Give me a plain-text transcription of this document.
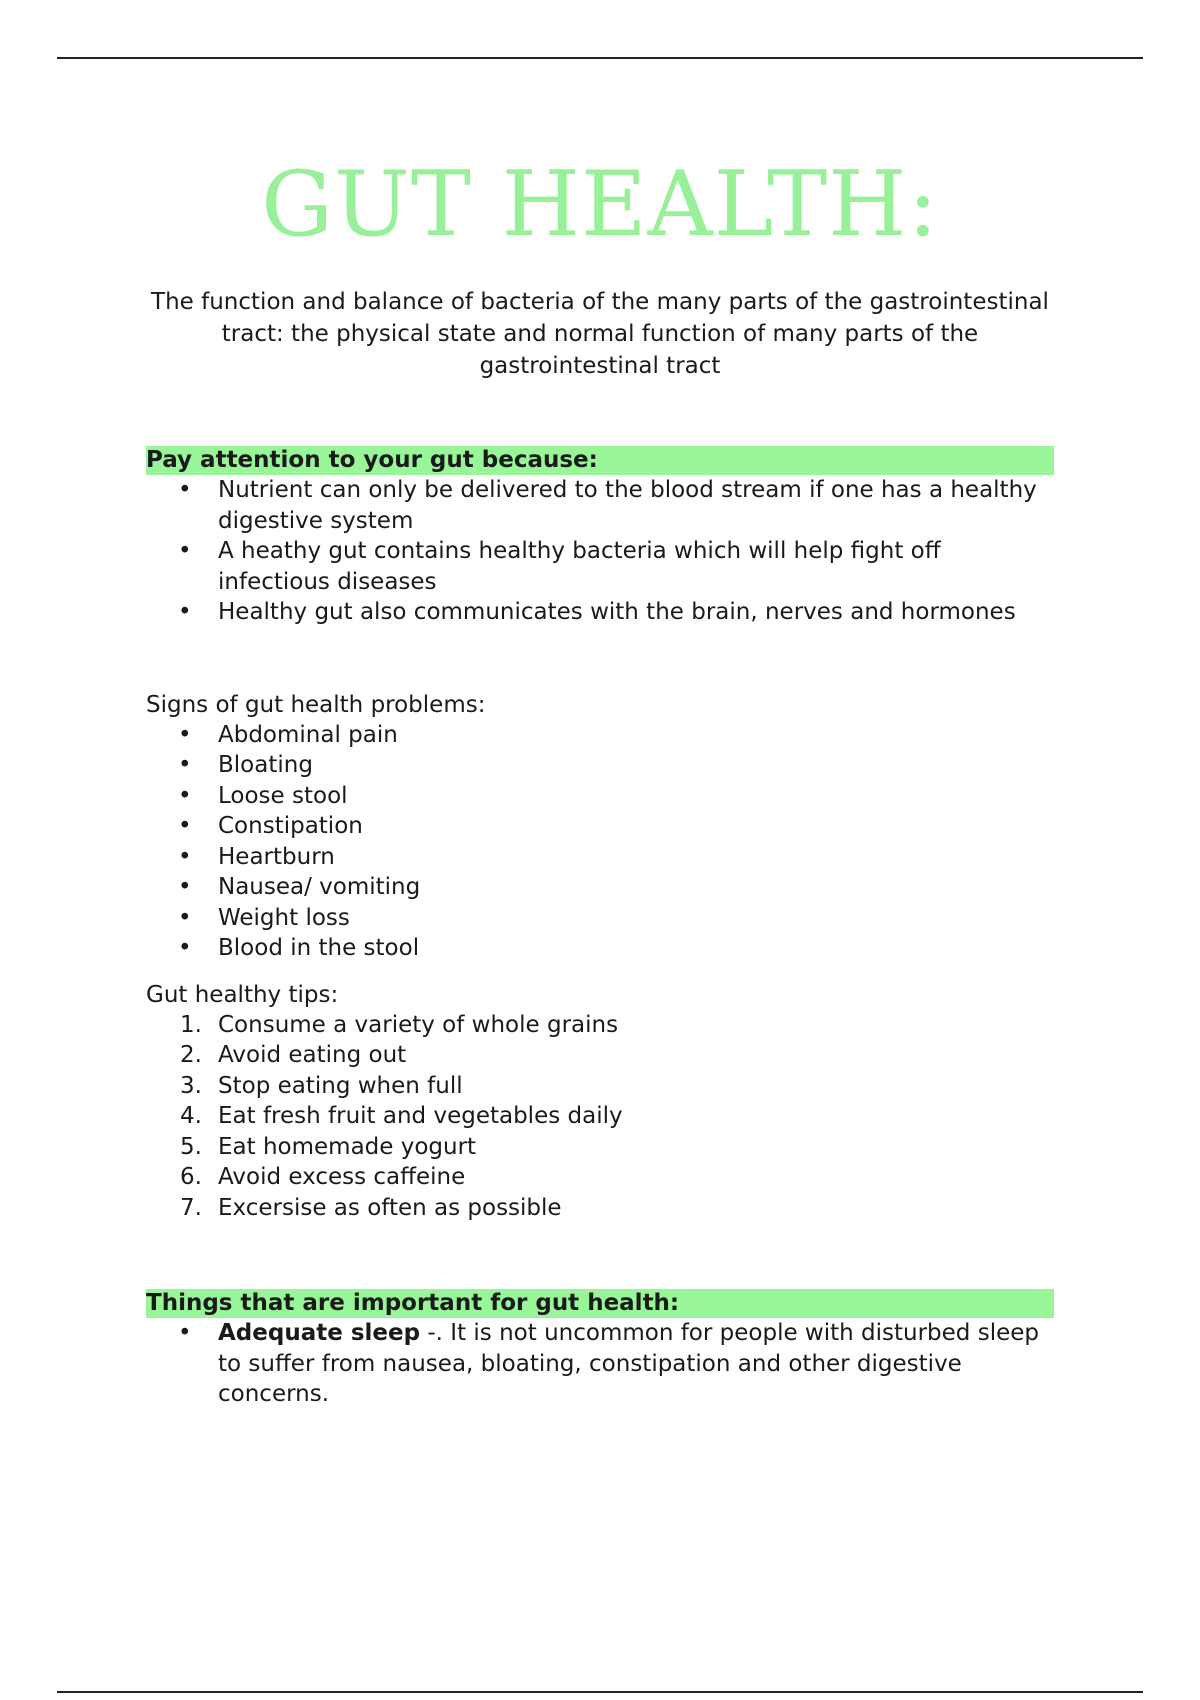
GUT HEALTH:

The function and balance of bacteria of the many parts of the gastrointestinal tract: the physical state and normal function of many parts of the gastrointestinal tract

Pay attention to your gut because:
• Nutrient can only be delivered to the blood stream if one has a healthy digestive system
• A heathy gut contains healthy bacteria which will help fight off infectious diseases
• Healthy gut also communicates with the brain, nerves and hormones

Signs of gut health problems:

• Abdominal pain
• Bloating
• Loose stool
• Constipation
• Heartburn
• Nausea/ vomiting
• Weight loss
• Blood in the stool

Gut healthy tips:

1. Consume a variety of whole grains
2. Avoid eating out
3. Stop eating when full
4. Eat fresh fruit and vegetables daily
5. Eat homemade yogurt
6. Avoid excess caffeine
7. Excersise as often as possible
Things that are important for gut health:
• Adequate sleep -. It is not uncommon for people with disturbed sleep to suffer from nausea, bloating, constipation and other digestive concerns.
